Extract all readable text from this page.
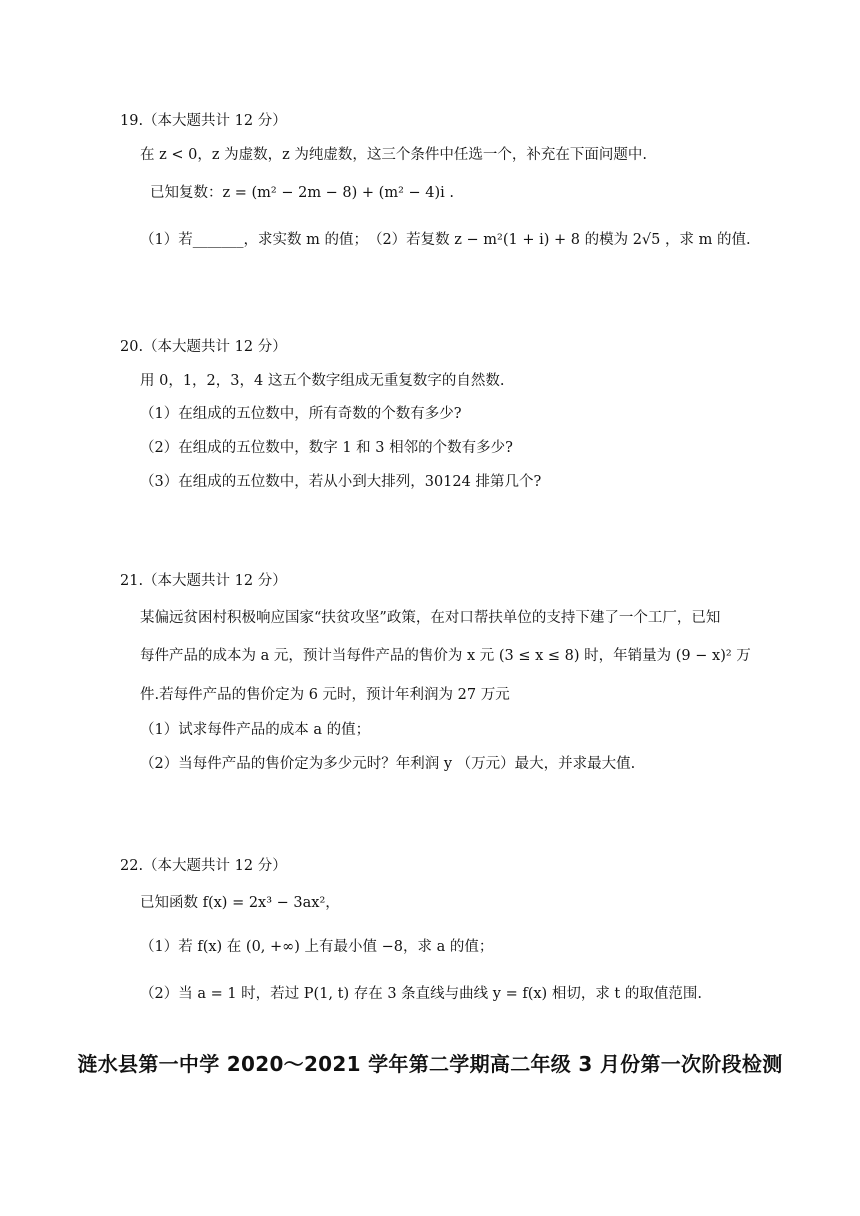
19.（本大题共计 12 分）
在 z < 0，z 为虚数，z 为纯虚数，这三个条件中任选一个，补充在下面问题中.
已知复数：z = (m² − 2m − 8) + (m² − 4)i .
（1）若_______，求实数 m 的值；　（2）若复数 z − m²(1 + i) + 8 的模为 2√5 ，求 m 的值.
20.（本大题共计 12 分）
用 0，1，2，3，4 这五个数字组成无重复数字的自然数.
（1）在组成的五位数中，所有奇数的个数有多少?
（2）在组成的五位数中，数字 1 和 3 相邻的个数有多少?
（3）在组成的五位数中，若从小到大排列，30124 排第几个?
21.（本大题共计 12 分）
某偏远贫困村积极响应国家“扶贫攻坚”政策，在对口帮扶单位的支持下建了一个工厂，已知
每件产品的成本为 a 元，预计当每件产品的售价为 x 元 (3 ≤ x ≤ 8) 时，年销量为 (9 − x)² 万
件.若每件产品的售价定为 6 元时，预计年利润为 27 万元
（1）试求每件产品的成本 a 的值；
（2）当每件产品的售价定为多少元时？年利润 y （万元）最大，并求最大值.
22.（本大题共计 12 分）
已知函数 f(x) = 2x³ − 3ax²，
（1）若 f(x) 在 (0, +∞) 上有最小值 −8，求 a 的值；
（2）当 a = 1 时，若过 P(1, t) 存在 3 条直线与曲线 y = f(x) 相切，求 t 的取值范围.
涟水县第一中学 2020～2021 学年第二学期高二年级 3 月份第一次阶段检测
